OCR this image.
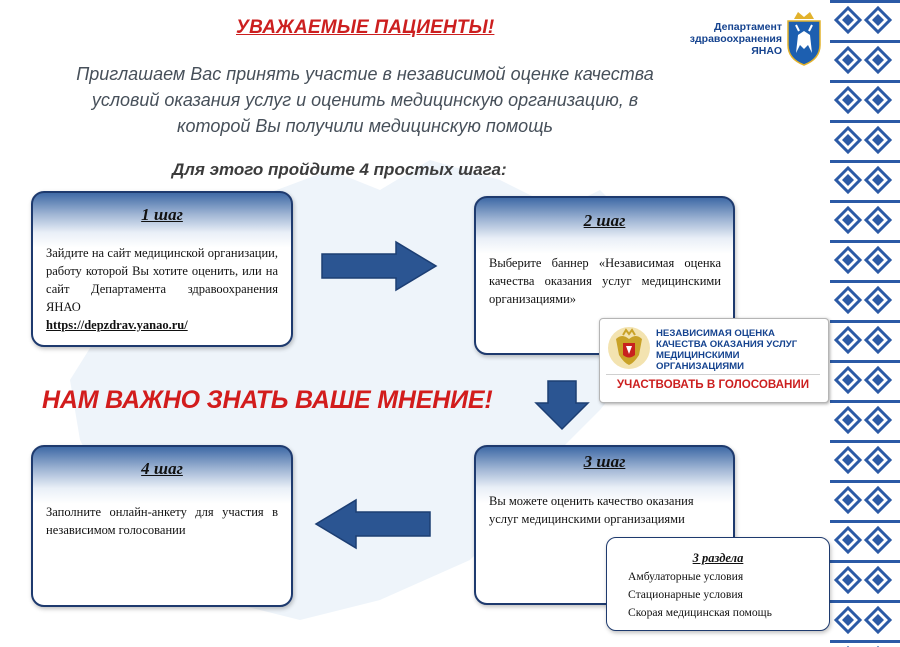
УВАЖАЕМЫЕ ПАЦИЕНТЫ!	Департамент
здравоохранения
ЯНАО
Приглашаем Вас принять участие в независимой оценке качества
условий оказания услуг и оценить медицинскую организацию, в
которой Вы получили медицинскую помощь
Для этого пройдите 4 простых шага:
1 шаг
Зайдите на сайт медицинской организации, работу которой Вы хотите оценить, или на сайт Департамента здравоохранения ЯНАО
https://depzdrav.yanao.ru/
2 шаг
Выберите баннер «Независимая оценка качества оказания услуг медицинскими организациями»
3 шаг
Вы можете оценить качество оказания услуг медицинскими организациями
4 шаг
Заполните онлайн-анкету для участия в независимом голосовании
НЕЗАВИСИМАЯ ОЦЕНКА
КАЧЕСТВА ОКАЗАНИЯ УСЛУГ
МЕДИЦИНСКИМИ ОРГАНИЗАЦИЯМИ
УЧАСТВОВАТЬ В ГОЛОСОВАНИИ
НАМ ВАЖНО ЗНАТЬ ВАШЕ МНЕНИЕ!
3 раздела
Амбулаторные условия
Стационарные условия
Скорая медицинская помощь
